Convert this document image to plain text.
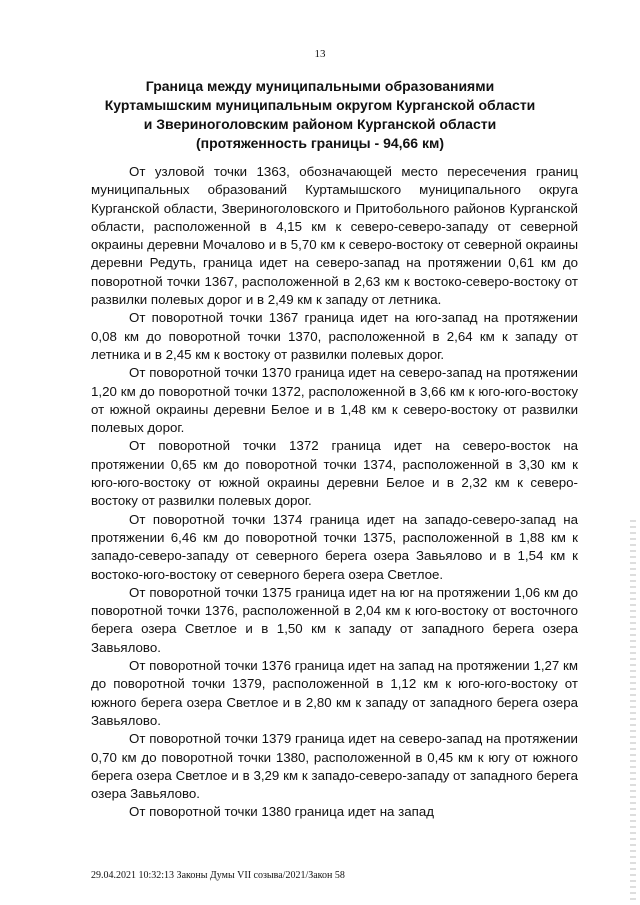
13
Граница между муниципальными образованиями
Куртамышским муниципальным округом Курганской области
и Звериноголовским районом Курганской области
(протяженность границы - 94,66 км)

От узловой точки 1363, обозначающей место пересечения границ муниципальных образований Куртамышского муниципального округа Курганской области, Звериноголовского и Притобольного районов Курганской области, расположенной в 4,15 км к северо-северо-западу от северной окраины деревни Мочалово и в 5,70 км к северо-востоку от северной окраины деревни Редуть, граница идет на северо-запад на протяжении 0,61 км до поворотной точки 1367, расположенной в 2,63 км к востоко-северо-востоку от развилки полевых дорог и в 2,49 км к западу от летника.

От поворотной точки 1367 граница идет на юго-запад на протяжении 0,08 км до поворотной точки 1370, расположенной в 2,64 км к западу от летника и в 2,45 км к востоку от развилки полевых дорог.

От поворотной точки 1370 граница идет на северо-запад на протяжении 1,20 км до поворотной точки 1372, расположенной в 3,66 км к юго-юго-востоку от южной окраины деревни Белое и в 1,48 км к северо-востоку от развилки полевых дорог.

От поворотной точки 1372 граница идет на северо-восток на протяжении 0,65 км до поворотной точки 1374, расположенной в 3,30 км к юго-юго-востоку от южной окраины деревни Белое и в 2,32 км к северо-востоку от развилки полевых дорог.

От поворотной точки 1374 граница идет на западо-северо-запад на протяжении 6,46 км до поворотной точки 1375, расположенной в 1,88 км к западо-северо-западу от северного берега озера Завьялово и в 1,54 км к востоко-юго-востоку от северного берега озера Светлое.

От поворотной точки 1375 граница идет на юг на протяжении 1,06 км до поворотной точки 1376, расположенной в 2,04 км к юго-востоку от восточного берега озера Светлое и в 1,50 км к западу от западного берега озера Завьялово.

От поворотной точки 1376 граница идет на запад на протяжении 1,27 км до поворотной точки 1379, расположенной в 1,12 км к юго-юго-востоку от южного берега озера Светлое и в 2,80 км к западу от западного берега озера Завьялово.

От поворотной точки 1379 граница идет на северо-запад на протяжении 0,70 км до поворотной точки 1380, расположенной в 0,45 км к югу от южного берега озера Светлое и в 3,29 км к западо-северо-западу от западного берега озера Завьялово.

От поворотной точки 1380 граница идет на запад

29.04.2021 10:32:13 Законы Думы VII созыва/2021/Закон 58
